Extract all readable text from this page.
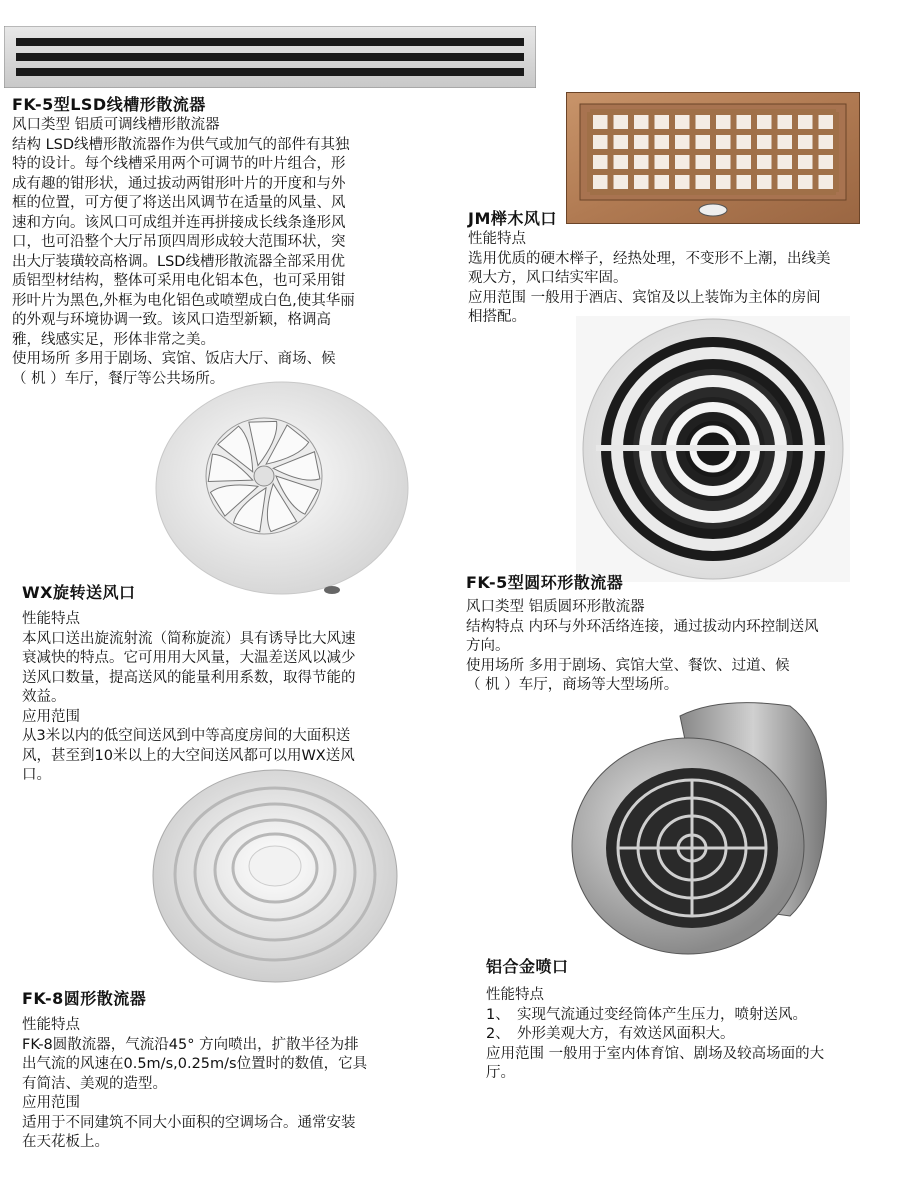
FK-5型LSD线槽形散流器

风口类型 铝质可调线槽形散流器

结构 LSD线槽形散流器作为供气或加气的部件有其独

特的设计。每个线槽采用两个可调节的叶片组合，形

成有趣的钳形状，通过拔动两钳形叶片的开度和与外

框的位置，可方便了将送出风调节在适量的风量、风

速和方向。该风口可成组并连再拼接成长线条逢形风

口，也可沿整个大厅吊顶四周形成较大范围环状，突

出大厅装璜较高格调。LSD线槽形散流器全部采用优

质铝型材结构，整体可采用电化铝本色，也可采用钳

形叶片为黑色,外框为电化铝色或喷塑成白色,使其华丽

的外观与环境协调一致。该风口造型新颖，格调高

雅，线感实足，形体非常之美。

使用场所 多用于剧场、宾馆、饭店大厅、商场、候

（ 机 ）车厅，餐厅等公共场所。

JM榉木风口

性能特点

选用优质的硬木榉子，经热处理，不变形不上潮，出线美

观大方，风口结实牢固。

应用范围 一般用于酒店、宾馆及以上装饰为主体的房间

相搭配。

WX旋转送风口

性能特点

本风口送出旋流射流（简称旋流）具有诱导比大风速

衰减快的特点。它可用用大风量，大温差送风以减少

送风口数量，提高送风的能量利用系数，取得节能的

效益。

应用范围

从3米以内的低空间送风到中等高度房间的大面积送

风，甚至到10米以上的大空间送风都可以用WX送风

口。

FK-5型圆环形散流器

风口类型 铝质圆环形散流器

结构特点 内环与外环活络连接，通过拔动内环控制送风

方向。

使用场所 多用于剧场、宾馆大堂、餐饮、过道、候

（ 机 ）车厅，商场等大型场所。

铝合金喷口

性能特点

1、　实现气流通过变经筒体产生压力，喷射送风。

2、　外形美观大方，有效送风面积大。

应用范围 一般用于室内体育馆、剧场及较高场面的大

厅。

FK-8圆形散流器

性能特点

FK-8圆散流器，气流沿45° 方向喷出，扩散半径为排

出气流的风速在0.5m/s,0.25m/s位置时的数值，它具

有简洁、美观的造型。

应用范围

适用于不同建筑不同大小面积的空调场合。通常安装

在天花板上。
